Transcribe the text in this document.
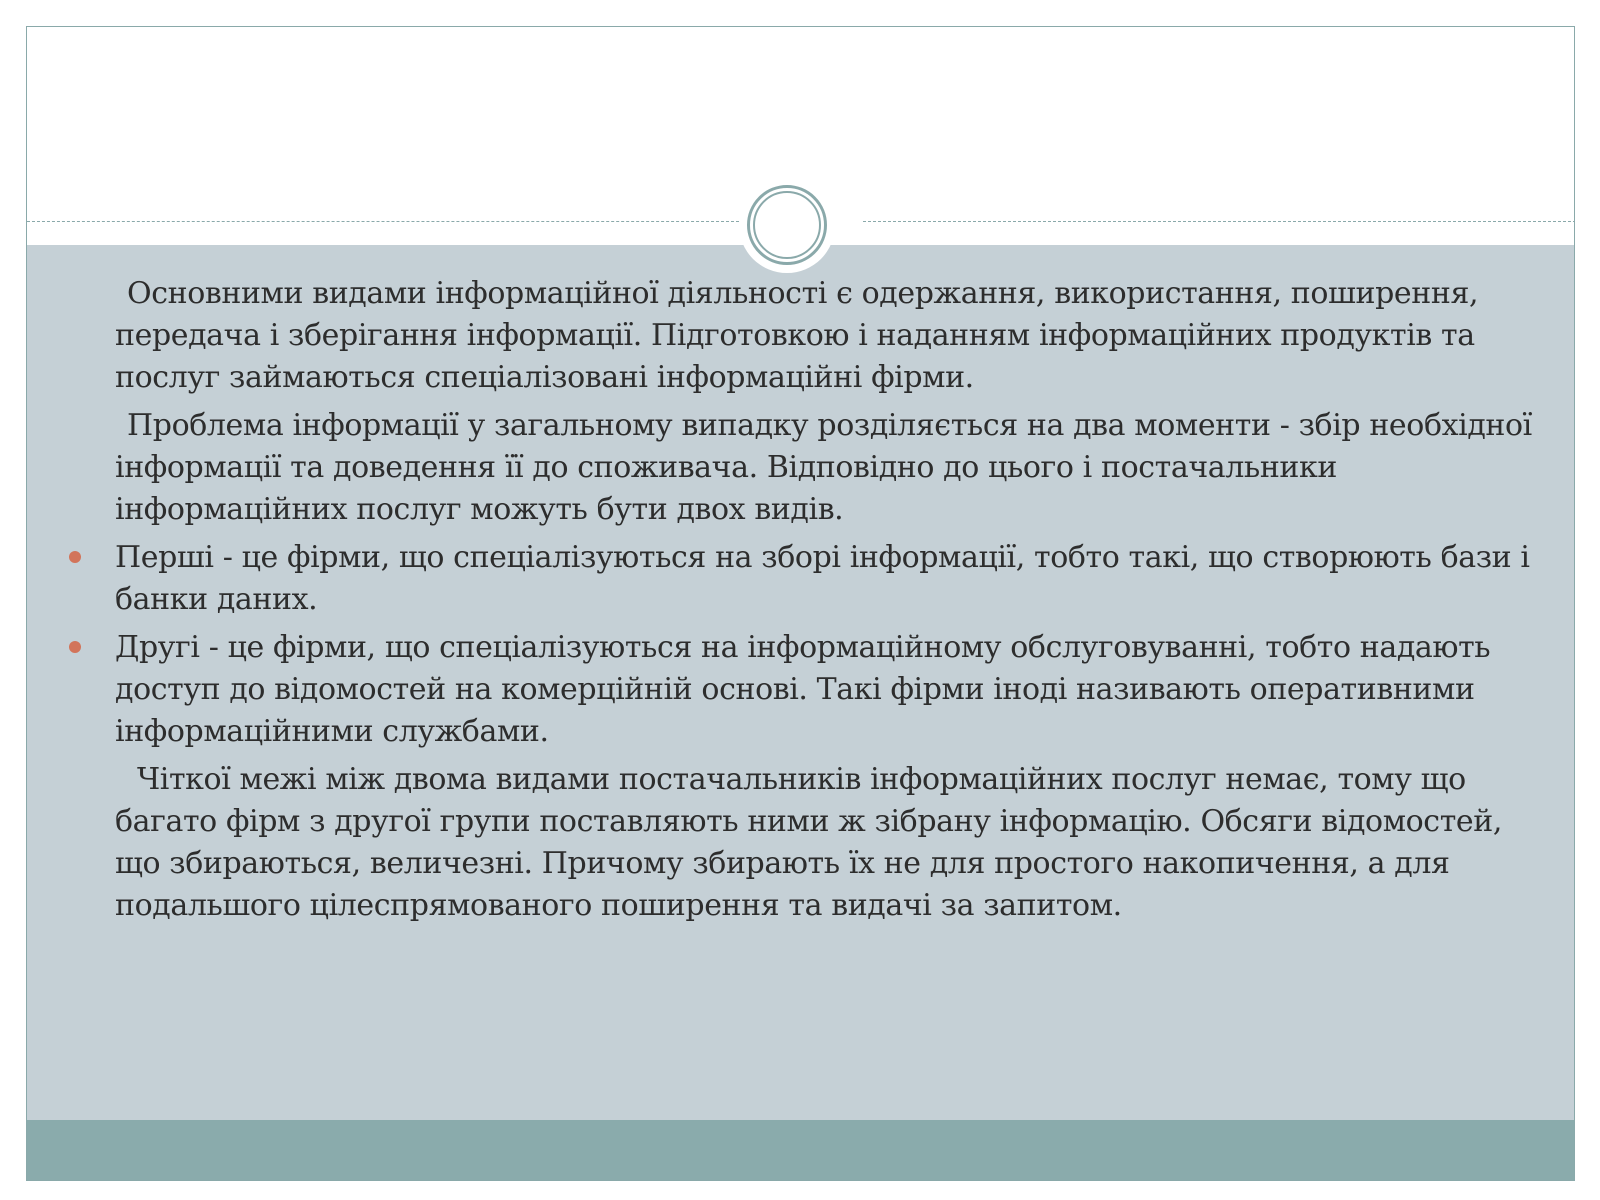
Основними видами інформаційної діяльності є одержання, використання, поширення, передача і зберігання інформації. Підготовкою і наданням інформаційних продуктів та послуг займаються спеціалізовані інформаційні фірми.

Проблема інформації у загальному випадку розділяється на два моменти - збір необхідної інформації та доведення її до споживача. Відповідно до цього і постачальники інформаційних послуг можуть бути двох видів.

Перші - це фірми, що спеціалізуються на зборі інформації, тобто такі, що створюють бази і банки даних.
Другі - це фірми, що спеціалізуються на інформаційному обслуговуванні, тобто надають доступ до відомостей на комерційній основі. Такі фірми іноді називають оперативними інформаційними службами.

Чіткої межі між двома видами постачальників інформаційних послуг немає, тому що багато фірм з другої групи поставляють ними ж зібрану інформацію. Обсяги відомостей, що збираються, величезні. Причому збирають їх не для простого накопичення, а для подальшого цілеспрямованого поширення та видачі за запитом.
